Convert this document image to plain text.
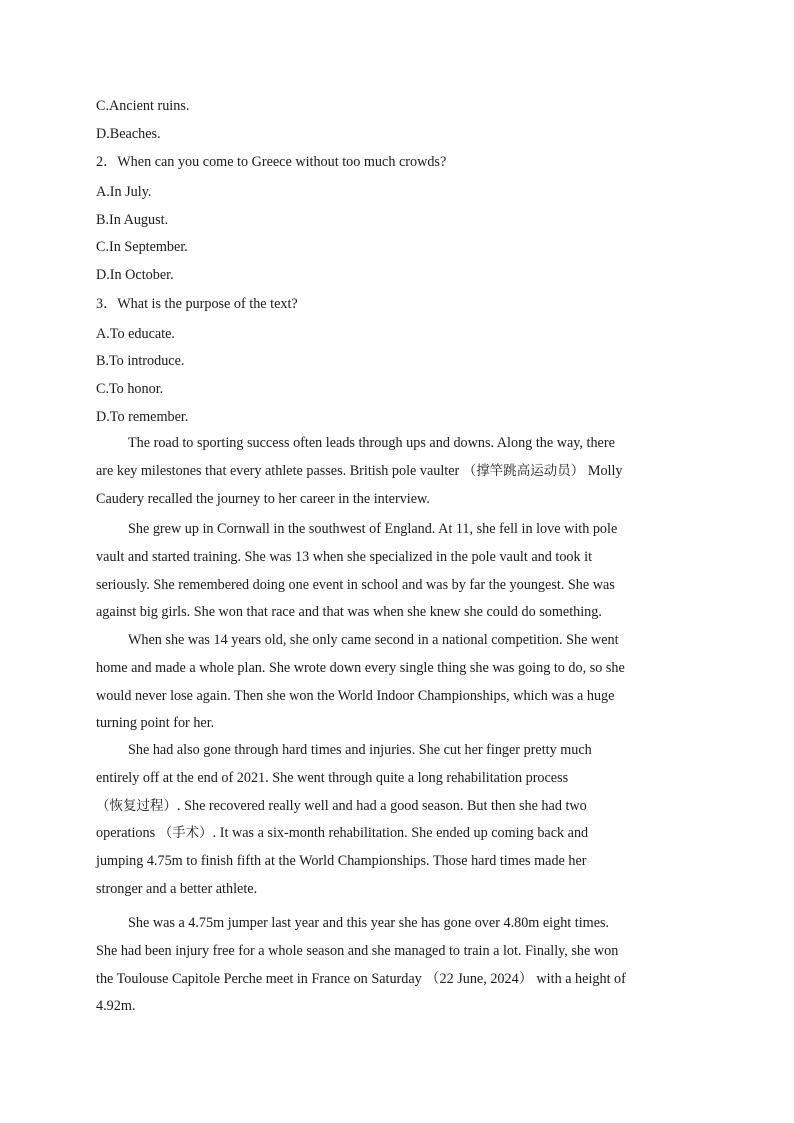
C.Ancient ruins.
D.Beaches.
2．When can you come to Greece without too much crowds?
A.In July.
B.In August.
C.In September.
D.In October.
3．What is the purpose of the text?
A.To educate.
B.To introduce.
C.To honor.
D.To remember.

The road to sporting success often leads through ups and downs. Along the way, there

are key milestones that every athlete passes. British pole vaulter （撑竿跳高运动员） Molly

Caudery recalled the journey to her career in the interview.

She grew up in Cornwall in the southwest of England. At 11, she fell in love with pole

vault and started training. She was 13 when she specialized in the pole vault and took it

seriously. She remembered doing one event in school and was by far the youngest. She was

against big girls. She won that race and that was when she knew she could do something.

When she was 14 years old, she only came second in a national competition. She went

home and made a whole plan. She wrote down every single thing she was going to do, so she

would never lose again. Then she won the World Indoor Championships, which was a huge

turning point for her.

She had also gone through hard times and injuries. She cut her finger pretty much

entirely off at the end of 2021. She went through quite a long rehabilitation process

（恢复过程）. She recovered really well and had a good season. But then she had two

operations （手术）. It was a six-month rehabilitation. She ended up coming back and

jumping 4.75m to finish fifth at the World Championships. Those hard times made her

stronger and a better athlete.

She was a 4.75m jumper last year and this year she has gone over 4.80m eight times.

She had been injury free for a whole season and she managed to train a lot. Finally, she won

the Toulouse Capitole Perche meet in France on Saturday （22 June, 2024） with a height of

4.92m.
